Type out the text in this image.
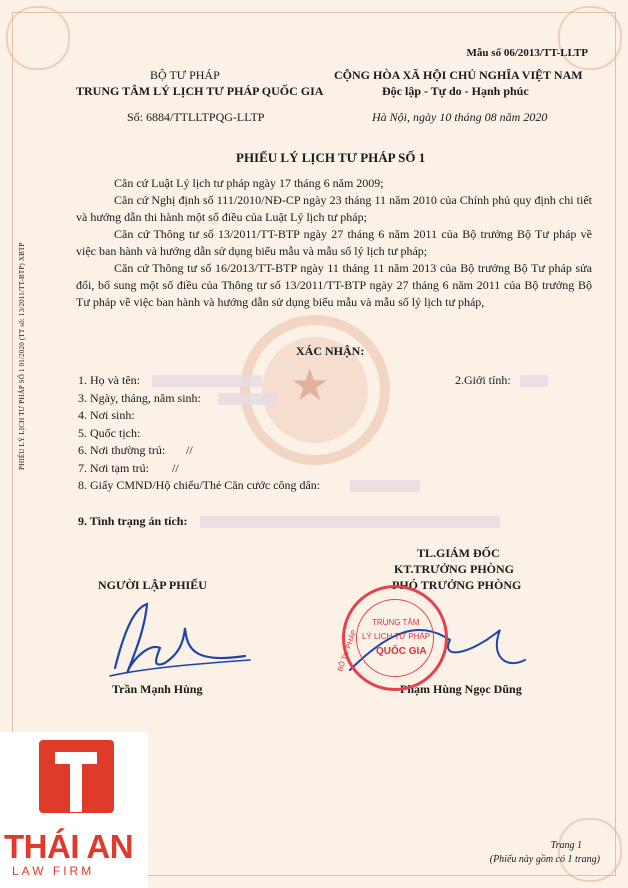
★
Mẫu số 06/2013/TT-LLTP
BỘ TƯ PHÁP
TRUNG TÂM LÝ LỊCH TƯ PHÁP QUỐC GIA
Số: 6884/TTLLTPQG-LLTP
CỘNG HÒA XÃ HỘI CHỦ NGHĨA VIỆT NAM
Độc lập - Tự do - Hạnh phúc
Hà Nội, ngày 10 tháng 08 năm 2020
PHIẾU LÝ LỊCH TƯ PHÁP SỐ 1

Căn cứ Luật Lý lịch tư pháp ngày 17 tháng 6 năm 2009;

Căn cứ Nghị định số 111/2010/NĐ-CP ngày 23 tháng 11 năm 2010 của Chính phủ quy định chi tiết và hướng dẫn thi hành một số điều của Luật Lý lịch tư pháp;

Căn cứ Thông tư số 13/2011/TT-BTP ngày 27 tháng 6 năm 2011 của Bộ trưởng Bộ Tư pháp về việc ban hành và hướng dẫn sử dụng biểu mẫu và mẫu số lý lịch tư pháp;

Căn cứ Thông tư số 16/2013/TT-BTP ngày 11 tháng 11 năm 2013 của Bộ trưởng Bộ Tư pháp sửa đổi, bổ sung một số điều của Thông tư số 13/2011/TT-BTP ngày 27 tháng 6 năm 2011 của Bộ trưởng Bộ Tư pháp về việc ban hành và hướng dẫn sử dụng biểu mẫu và mẫu số lý lịch tư pháp,

XÁC NHẬN:
1. Họ và tên:	2.Giới tính:
3. Ngày, tháng, năm sinh:
4. Nơi sinh:
5. Quốc tịch:
6. Nơi thường trú: //
7. Nơi tạm trú: //
8. Giấy CMND/Hộ chiếu/Thẻ Căn cước công dân:
9. Tình trạng án tích:
TL.GIÁM ĐỐC
KT.TRƯỞNG PHÒNG
PHÓ TRƯỞNG PHÒNG
NGƯỜI LẬP PHIẾU
Trần Mạnh Hùng	Phạm Hùng Ngọc Dũng
TRUNG TÂM
LÝ LỊCH TƯ PHÁP
QUỐC GIA
BỘ TƯ PHÁP
PHIẾU LÝ LỊCH TƯ PHÁP SỐ 1 01/2020 (TT số: 13/2011/TT-BTP) XBTP
Trang 1
(Phiếu này gồm có 1 trang)
THÁI AN
LAW FIRM
